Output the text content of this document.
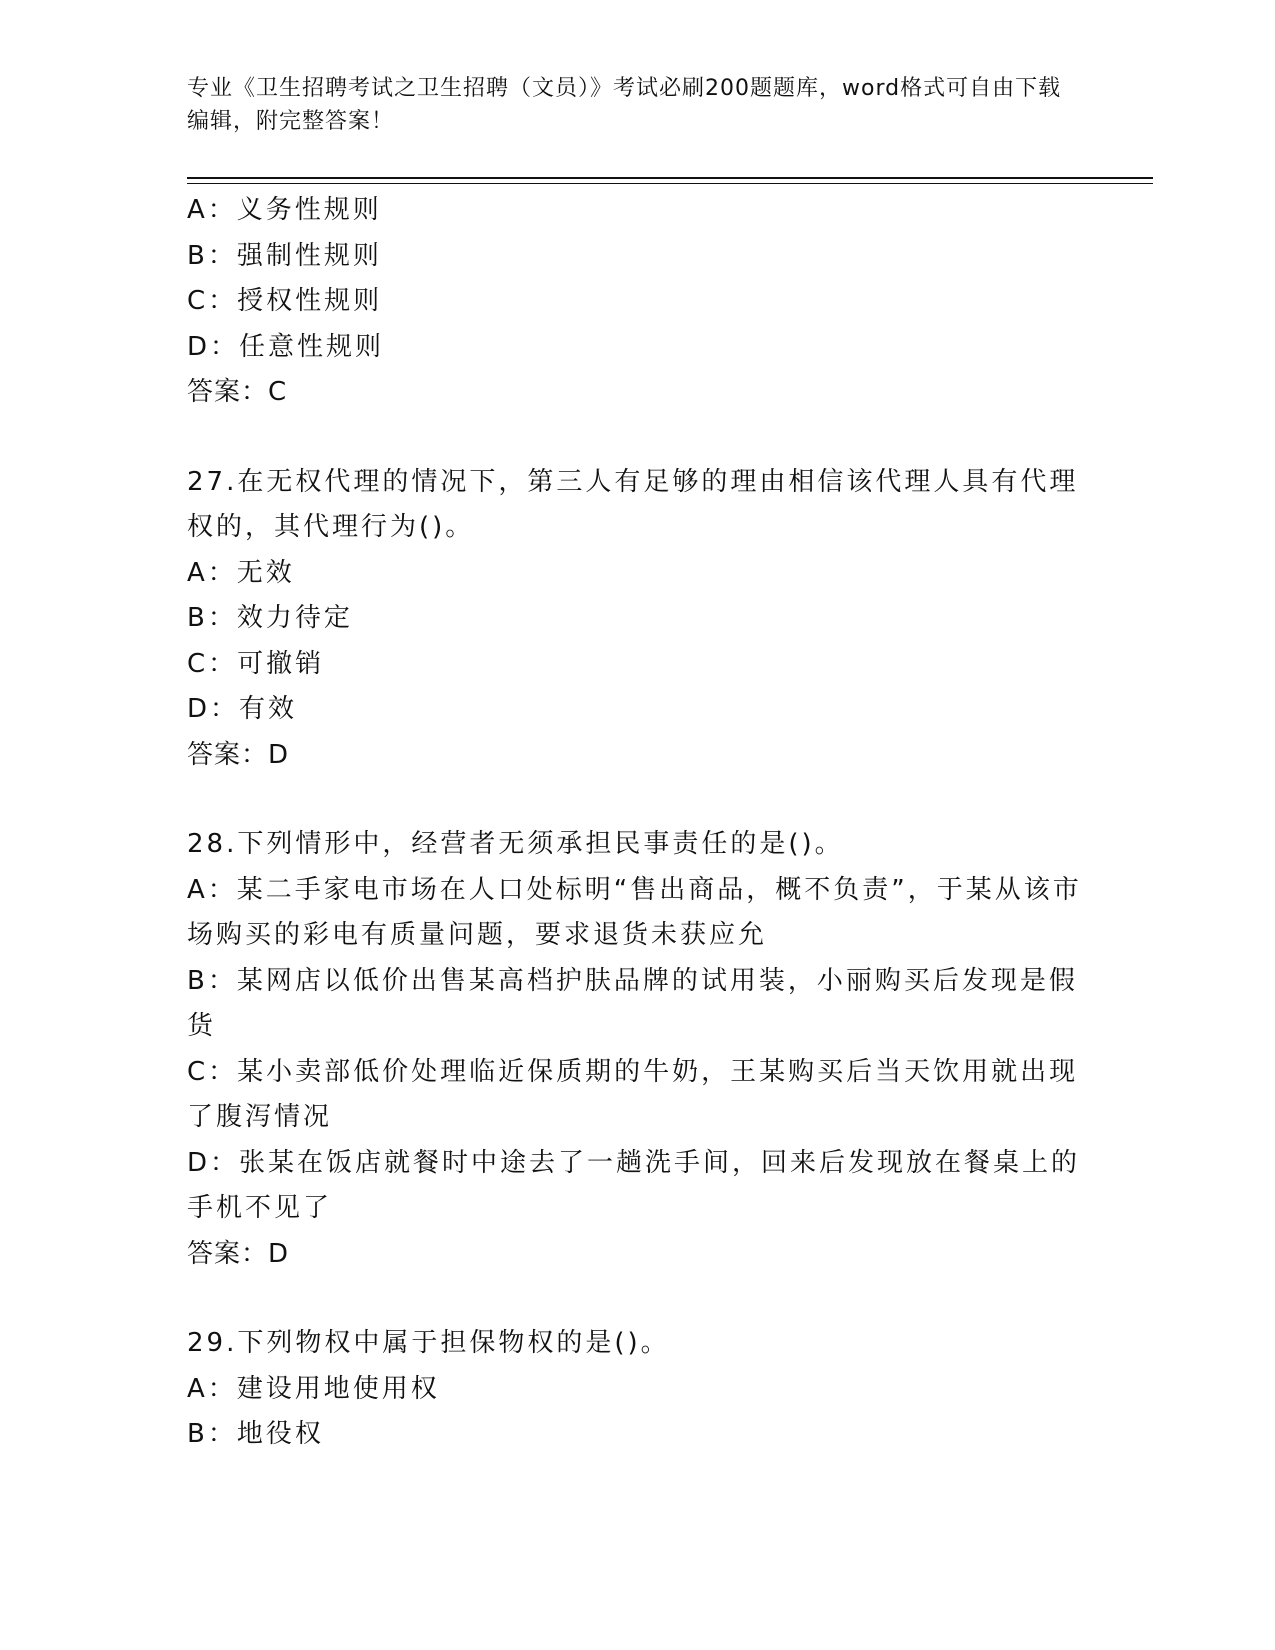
专业《卫生招聘考试之卫生招聘（文员）》考试必刷200题题库，word格式可自由下载编辑，附完整答案！

A：义务性规则

B：强制性规则

C：授权性规则

D：任意性规则

答案：C

27.在无权代理的情况下，第三人有足够的理由相信该代理人具有代理权的，其代理行为()。

A：无效

B：效力待定

C：可撤销

D：有效

答案：D

28.下列情形中，经营者无须承担民事责任的是()。

A：某二手家电市场在人口处标明“售出商品，概不负责”，于某从该市场购买的彩电有质量问题，要求退货未获应允

B：某网店以低价出售某高档护肤品牌的试用装，小丽购买后发现是假货

C：某小卖部低价处理临近保质期的牛奶，王某购买后当天饮用就出现了腹泻情况

D：张某在饭店就餐时中途去了一趟洗手间，回来后发现放在餐桌上的手机不见了

答案：D

29.下列物权中属于担保物权的是()。

A：建设用地使用权

B：地役权
